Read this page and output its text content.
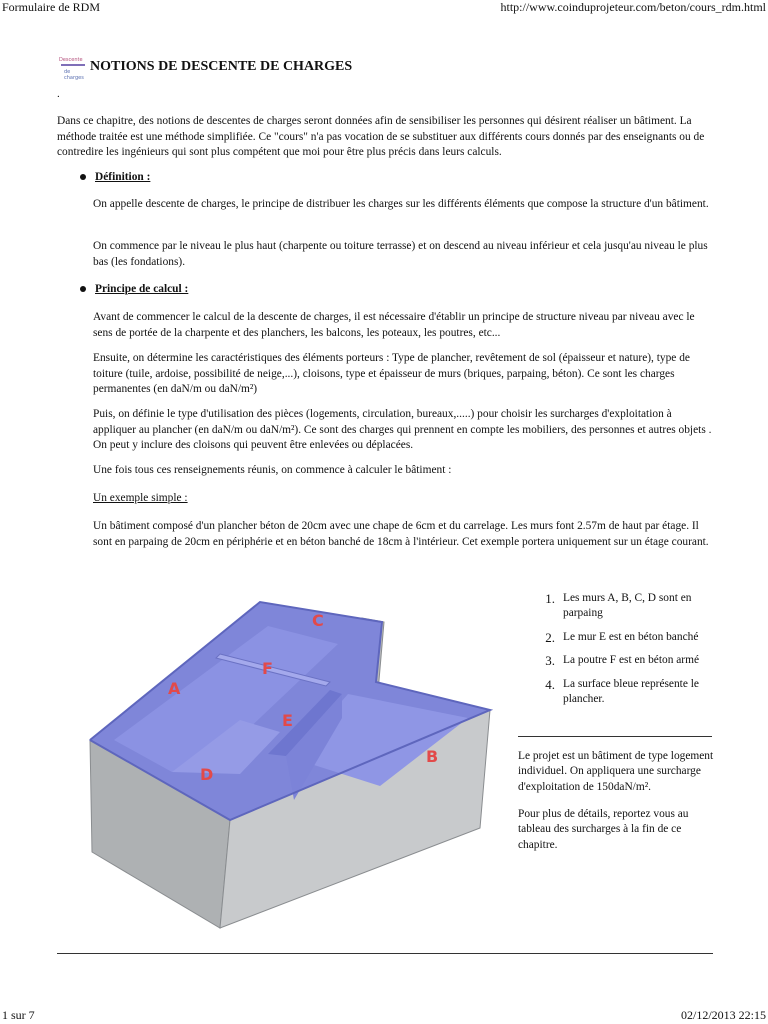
Formulaire de RDM	http://www.coinduprojeteur.com/beton/cours_rdm.html
1 sur 7	02/12/2013 22:15
Descente
de charges
NOTIONS DE DESCENTE DE CHARGES
.

Dans ce chapitre, des notions de descentes de charges seront données afin de sensibiliser les personnes qui désirent réaliser un bâtiment. La méthode traitée est une méthode simplifiée. Ce "cours" n'a pas vocation de se substituer aux différents cours donnés par des enseignants ou de contredire les ingénieurs qui sont plus compétent que moi pour être plus précis dans leurs calculs.

Définition :

On appelle descente de charges, le principe de distribuer les charges sur les différents éléments que compose la structure d'un bâtiment.

On commence par le niveau le plus haut (charpente ou toiture terrasse) et on descend au niveau inférieur et cela jusqu'au niveau le plus bas (les fondations).

Principe de calcul :

Avant de commencer le calcul de la descente de charges, il est nécessaire d'établir un principe de structure niveau par niveau avec le sens de portée de la charpente et des planchers, les balcons, les poteaux, les poutres, etc...

Ensuite, on détermine les caractéristiques des éléments porteurs : Type de plancher, revêtement de sol (épaisseur et nature), type de toiture (tuile, ardoise, possibilité de neige,...), cloisons, type et épaisseur de murs (briques, parpaing, béton). Ce sont les charges permanentes (en daN/m ou daN/m²)

Puis, on définie le type d'utilisation des pièces (logements, circulation, bureaux,.....) pour choisir les surcharges d'exploitation à appliquer au plancher (en daN/m ou daN/m²). Ce sont des charges qui prennent en compte les mobiliers, des personnes et autres objets . On peut y inclure des cloisons qui peuvent être enlevées ou déplacées.

Une fois tous ces renseignements réunis, on commence à calculer le bâtiment :

Un exemple simple :

Un bâtiment composé d'un plancher béton de 20cm avec une chape de 6cm et du carrelage. Les murs font 2.57m de haut par étage. Il sont en parpaing de 20cm en périphérie et en béton banché de 18cm à l'intérieur. Cet exemple portera uniquement sur un étage courant.

A
B
C
D
E
F
1. Les murs A, B, C, D sont en parpaing
2. Le mur E est en béton banché
3. La poutre F est en béton armé
4. La surface bleue représente le plancher.

Le projet est un bâtiment de type logement individuel. On appliquera une surcharge d'exploitation de 150daN/m².

Pour plus de détails, reportez vous au tableau des surcharges à la fin de ce chapitre.
